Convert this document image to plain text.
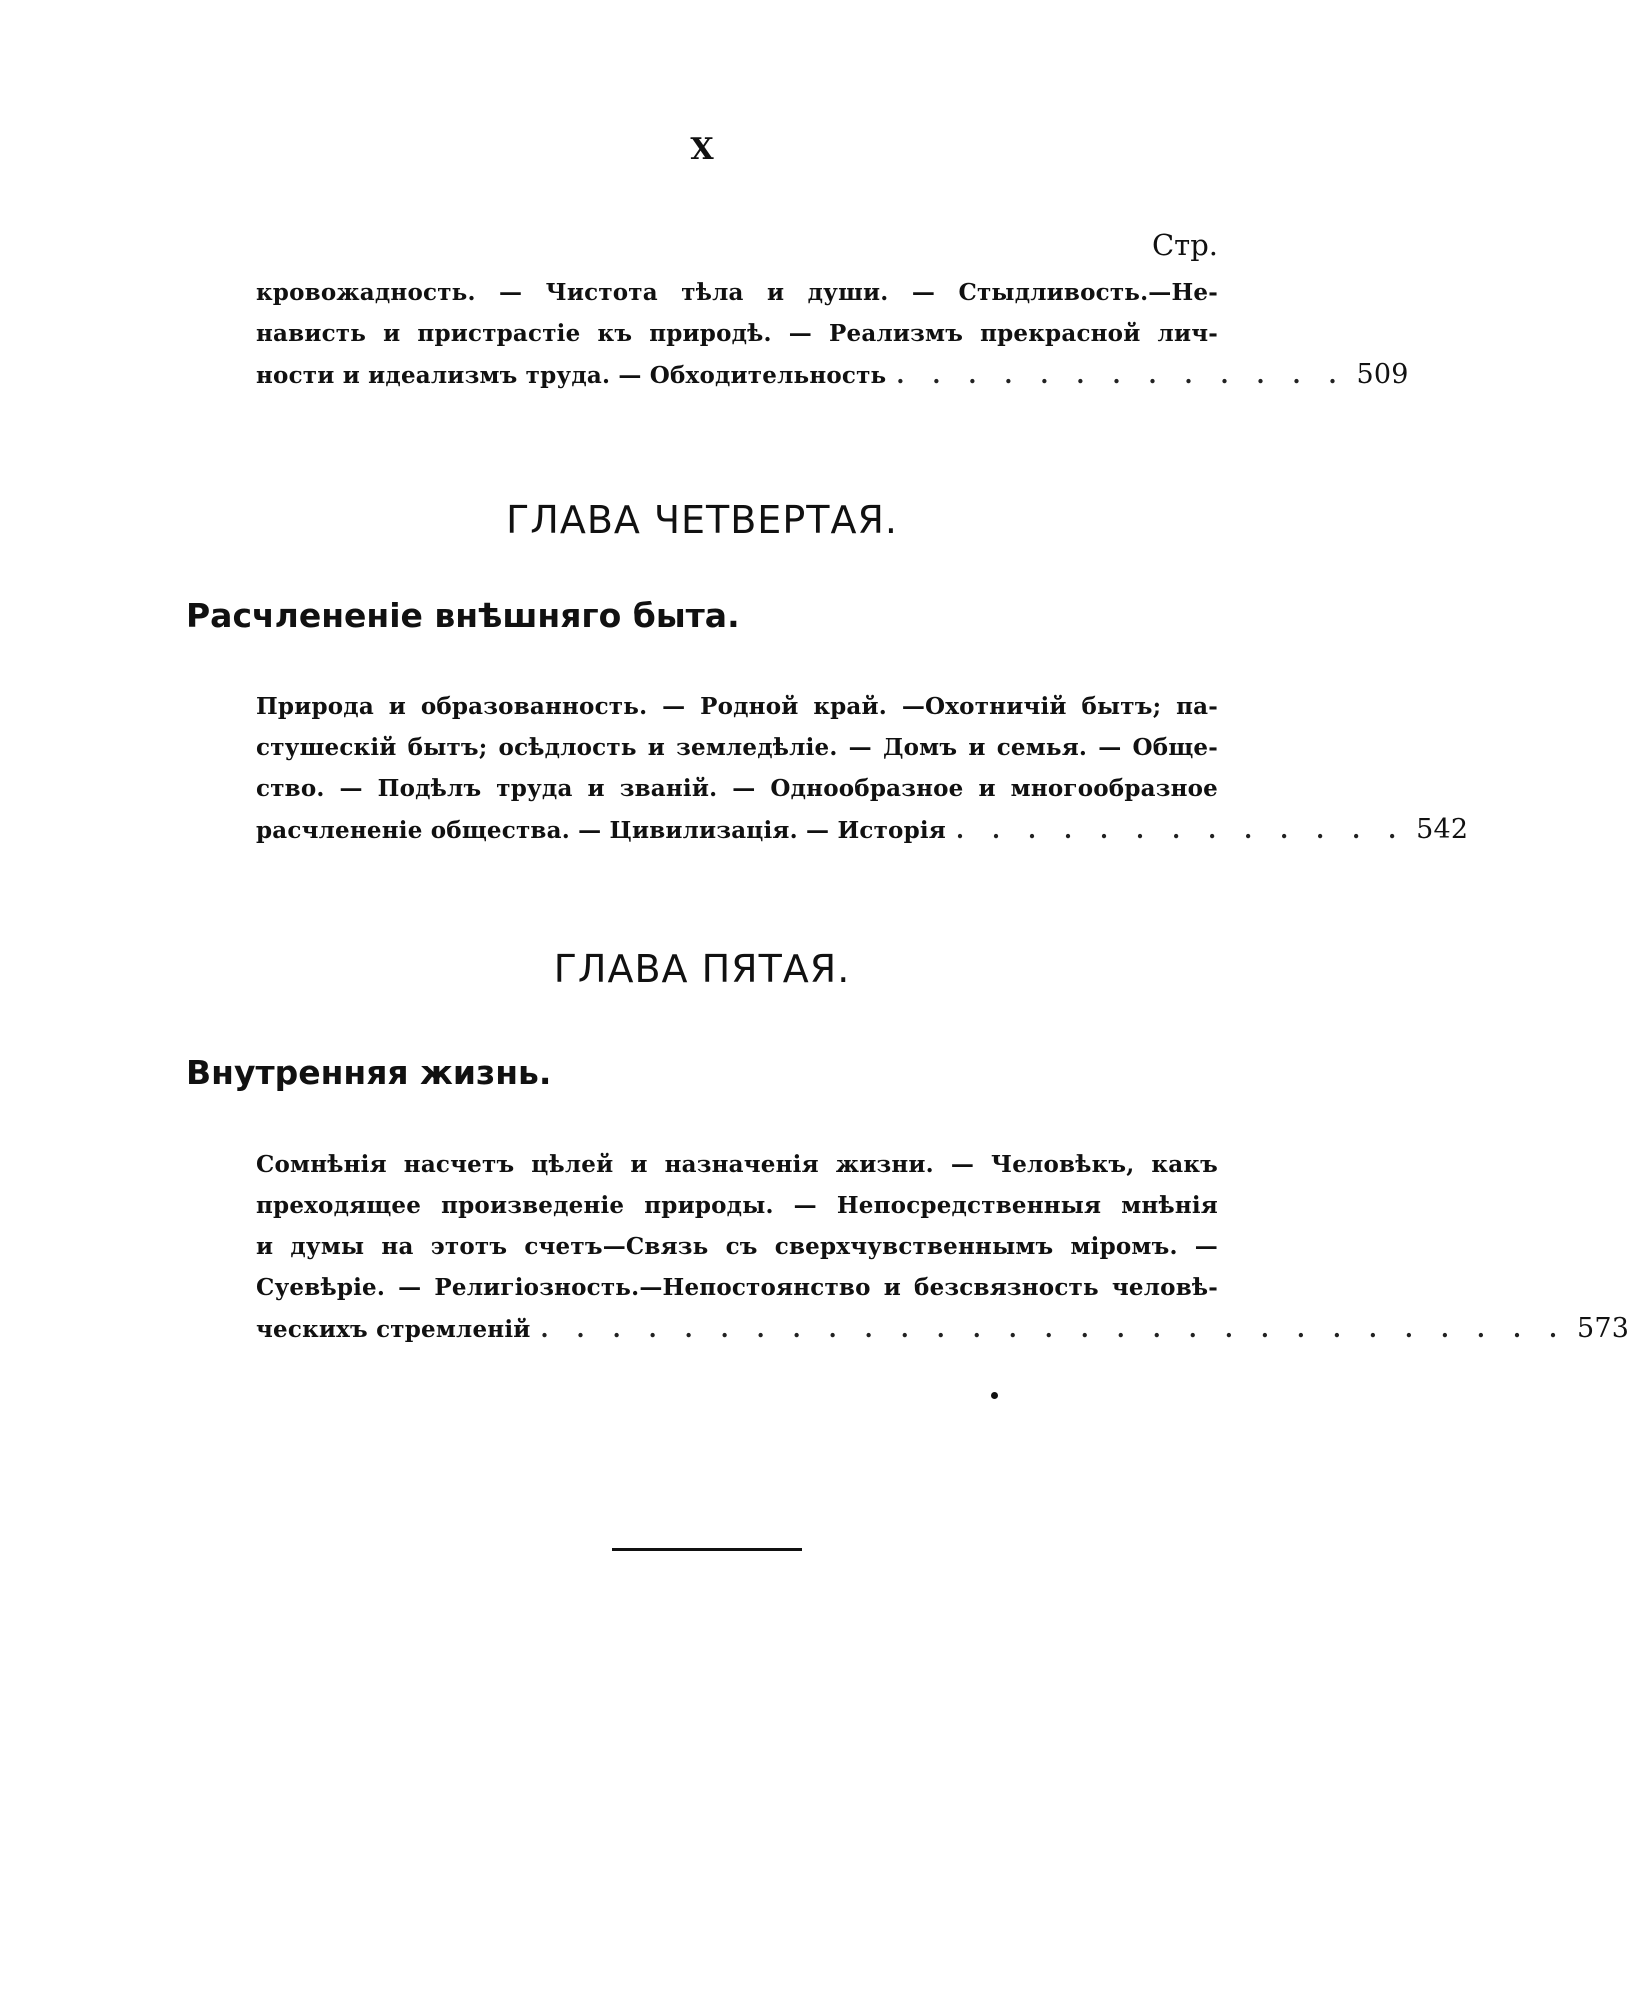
X
Стр.
кровожадность. — Чистота тѣла и души. — Стыдливость.—Не-
нависть и пристрастіе къ природѣ. — Реализмъ прекрасной лич-
ности и идеализмъ труда. — Обходительность . . . . . . . . . . . . . 509
ГЛАВА ЧЕТВЕРТАЯ.
Расчлененіе внѣшняго быта.
Природа и образованность. — Родной край. —Охотничій бытъ; па-
стушескій бытъ; осѣдлость и земледѣліе. — Домъ и семья. — Обще-
ство. — Подѣлъ труда и званій. — Однообразное и многообразное
расчлененіе общества. — Цивилизація. — Исторія . . . . . . . . . . . . . 542
ГЛАВА ПЯТАЯ.
Внутренняя жизнь.
Сомнѣнія насчетъ цѣлей и назначенія жизни. — Человѣкъ, какъ
преходящее произведеніе природы. — Непосредственныя мнѣнія
и думы на этотъ счетъ—Связь съ сверхчувственнымъ міромъ. —
Суевѣріе. — Религіозность.—Непостоянство и безсвязность человѣ-
ческихъ стремленій . . . . . . . . . . . . . . . . . . . . . . . . . . . . . 573
